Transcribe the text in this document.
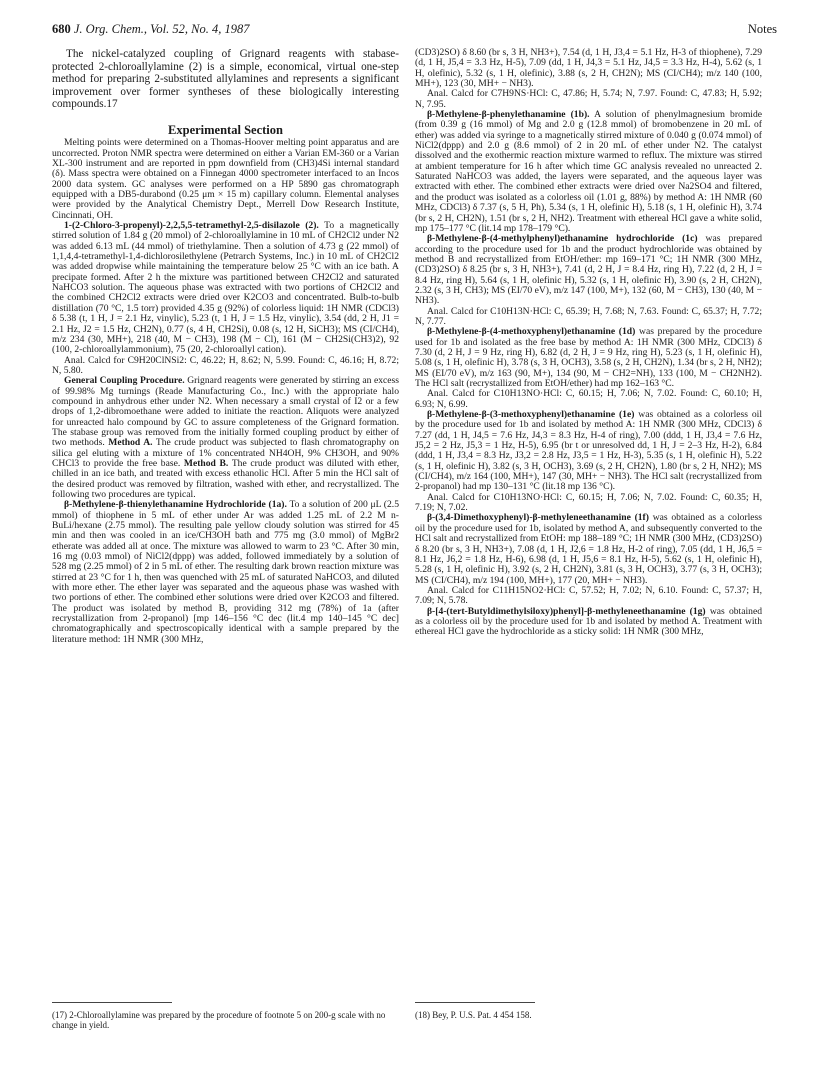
680 J. Org. Chem., Vol. 52, No. 4, 1987	Notes

The nickel-catalyzed coupling of Grignard reagents with stabase-protected 2-chloroallylamine (2) is a simple, economical, virtual one-step method for preparing 2-substituted allylamines and represents a significant improvement over former syntheses of these biologically interesting compounds.17

Experimental Section

Melting points were determined on a Thomas-Hoover melting point apparatus and are uncorrected. Proton NMR spectra were determined on either a Varian EM-360 or a Varian XL-300 instrument and are reported in ppm downfield from (CH3)4Si internal standard (δ). Mass spectra were obtained on a Finnegan 4000 spectrometer interfaced to an Incos 2000 data system. GC analyses were performed on a HP 5890 gas chromatograph equipped with a DB5-durabond (0.25 μm × 15 m) capillary column. Elemental analyses were provided by the Analytical Chemistry Dept., Merrell Dow Research Institute, Cincinnati, OH.

1-(2-Chloro-3-propenyl)-2,2,5,5-tetramethyl-2,5-disilazole (2). To a magnetically stirred solution of 1.84 g (20 mmol) of 2-chloroallylamine in 10 mL of CH2Cl2 under N2 was added 6.13 mL (44 mmol) of triethylamine. Then a solution of 4.73 g (22 mmol) of 1,1,4,4-tetramethyl-1,4-dichlorosilethylene (Petrarch Systems, Inc.) in 10 mL of CH2Cl2 was added dropwise while maintaining the temperature below 25 °C with an ice bath. A precipate formed. After 2 h the mixture was partitioned between CH2Cl2 and saturated NaHCO3 solution. The aqueous phase was extracted with two portions of CH2Cl2 and the combined CH2Cl2 extracts were dried over K2CO3 and concentrated. Bulb-to-bulb distillation (70 °C, 1.5 torr) provided 4.35 g (92%) of colorless liquid: 1H NMR (CDCl3) δ 5.38 (t, 1 H, J = 2.1 Hz, vinylic), 5.23 (t, 1 H, J = 1.5 Hz, vinylic), 3.54 (dd, 2 H, J1 = 2.1 Hz, J2 = 1.5 Hz, CH2N), 0.77 (s, 4 H, CH2Si), 0.08 (s, 12 H, SiCH3); MS (CI/CH4), m/z 234 (30, MH+), 218 (40, M − CH3), 198 (M − Cl), 161 (M − CH2Si(CH3)2), 92 (100, 2-chloroallylammonium), 75 (20, 2-chloroallyl cation).

Anal. Calcd for C9H20ClNSi2: C, 46.22; H, 8.62; N, 5.99. Found: C, 46.16; H, 8.72; N, 5.80.

General Coupling Procedure. Grignard reagents were generated by stirring an excess of 99.98% Mg turnings (Reade Manufacturing Co., Inc.) with the appropriate halo compound in anhydrous ether under N2. When necessary a small crystal of I2 or a few drops of 1,2-dibromoethane were added to initiate the reaction. Aliquots were analyzed for unreacted halo compound by GC to assure completeness of the Grignard formation. The stabase group was removed from the initially formed coupling product by either of two methods. Method A. The crude product was subjected to flash chromatography on silica gel eluting with a mixture of 1% concentrated NH4OH, 9% CH3OH, and 90% CHCl3 to provide the free base. Method B. The crude product was diluted with ether, chilled in an ice bath, and treated with excess ethanolic HCl. After 5 min the HCl salt of the desired product was removed by filtration, washed with ether, and recrystallized. The following two procedures are typical.

β-Methylene-β-thienylethanamine Hydrochloride (1a). To a solution of 200 μL (2.5 mmol) of thiophene in 5 mL of ether under Ar was added 1.25 mL of 2.2 M n-BuLi/hexane (2.75 mmol). The resulting pale yellow cloudy solution was stirred for 45 min and then was cooled in an ice/CH3OH bath and 775 mg (3.0 mmol) of MgBr2 etherate was added all at once. The mixture was allowed to warm to 23 °C. After 30 min, 16 mg (0.03 mmol) of NiCl2(dppp) was added, followed immediately by a solution of 528 mg (2.25 mmol) of 2 in 5 mL of ether. The resulting dark brown reaction mixture was stirred at 23 °C for 1 h, then was quenched with 25 mL of saturated NaHCO3, and diluted with more ether. The ether layer was separated and the aqueous phase was washed with two portions of ether. The combined ether solutions were dried over K2CO3 and filtered. The product was isolated by method B, providing 312 mg (78%) of 1a (after recrystallization from 2-propanol) [mp 146–156 °C dec (lit.4 mp 140–145 °C dec] chromatographically and spectroscopically identical with a sample prepared by the literature method: 1H NMR (300 MHz,

(CD3)2SO) δ 8.60 (br s, 3 H, NH3+), 7.54 (d, 1 H, J3,4 = 5.1 Hz, H-3 of thiophene), 7.29 (d, 1 H, J5,4 = 3.3 Hz, H-5), 7.09 (dd, 1 H, J4,3 = 5.1 Hz, J4,5 = 3.3 Hz, H-4), 5.62 (s, 1 H, olefinic), 5.32 (s, 1 H, olefinic), 3.88 (s, 2 H, CH2N); MS (CI/CH4); m/z 140 (100, MH+), 123 (30, MH+ − NH3).

Anal. Calcd for C7H9NS·HCl: C, 47.86; H, 5.74; N, 7.97. Found: C, 47.83; H, 5.92; N, 7.95.

β-Methylene-β-phenylethanamine (1b). A solution of phenylmagnesium bromide (from 0.39 g (16 mmol) of Mg and 2.0 g (12.8 mmol) of bromobenzene in 20 mL of ether) was added via syringe to a magnetically stirred mixture of 0.040 g (0.074 mmol) of NiCl2(dppp) and 2.0 g (8.6 mmol) of 2 in 20 mL of ether under N2. The catalyst dissolved and the exothermic reaction mixture warmed to reflux. The mixture was stirred at ambient temperature for 16 h after which time GC analysis revealed no unreacted 2. Saturated NaHCO3 was added, the layers were separated, and the aqueous layer was extracted with ether. The combined ether extracts were dried over Na2SO4 and filtered, and the product was isolated as a colorless oil (1.01 g, 88%) by method A: 1H NMR (60 MHz, CDCl3) δ 7.37 (s, 5 H, Ph), 5.34 (s, 1 H, olefinic H), 5.18 (s, 1 H, olefinic H), 3.74 (br s, 2 H, CH2N), 1.51 (br s, 2 H, NH2). Treatment with ethereal HCl gave a white solid, mp 175–177 °C (lit.14 mp 178–179 °C).

β-Methylene-β-(4-methylphenyl)ethanamine hydrochloride (1c) was prepared according to the procedure used for 1b and the product hydrochloride was obtained by method B and recrystallized from EtOH/ether: mp 169–171 °C; 1H NMR (300 MHz, (CD3)2SO) δ 8.25 (br s, 3 H, NH3+), 7.41 (d, 2 H, J = 8.4 Hz, ring H), 7.22 (d, 2 H, J = 8.4 Hz, ring H), 5.64 (s, 1 H, olefinic H), 5.32 (s, 1 H, olefinic H), 3.90 (s, 2 H, CH2N), 2.32 (s, 3 H, CH3); MS (EI/70 eV), m/z 147 (100, M+), 132 (60, M − CH3), 130 (40, M − NH3).

Anal. Calcd for C10H13N·HCl: C, 65.39; H, 7.68; N, 7.63. Found: C, 65.37; H, 7.72; N, 7.77.

β-Methylene-β-(4-methoxyphenyl)ethanamine (1d) was prepared by the procedure used for 1b and isolated as the free base by method A: 1H NMR (300 MHz, CDCl3) δ 7.30 (d, 2 H, J = 9 Hz, ring H), 6.82 (d, 2 H, J = 9 Hz, ring H), 5.23 (s, 1 H, olefinic H), 5.08 (s, 1 H, olefinic H), 3.78 (s, 3 H, OCH3), 3.58 (s, 2 H, CH2N), 1.34 (br s, 2 H, NH2); MS (EI/70 eV), m/z 163 (90, M+), 134 (90, M − CH2=NH), 133 (100, M − CH2NH2). The HCl salt (recrystallized from EtOH/ether) had mp 162–163 °C.

Anal. Calcd for C10H13NO·HCl: C, 60.15; H, 7.06; N, 7.02. Found: C, 60.10; H, 6.93; N, 6.99.

β-Methylene-β-(3-methoxyphenyl)ethanamine (1e) was obtained as a colorless oil by the procedure used for 1b and isolated by method A: 1H NMR (300 MHz, CDCl3) δ 7.27 (dd, 1 H, J4,5 = 7.6 Hz, J4,3 = 8.3 Hz, H-4 of ring), 7.00 (ddd, 1 H, J3,4 = 7.6 Hz, J5,2 = 2 Hz, J5,3 = 1 Hz, H-5), 6.95 (br t or unresolved dd, 1 H, J = 2–3 Hz, H-2), 6.84 (ddd, 1 H, J3,4 = 8.3 Hz, J3,2 = 2.8 Hz, J3,5 = 1 Hz, H-3), 5.35 (s, 1 H, olefinic H), 5.22 (s, 1 H, olefinic H), 3.82 (s, 3 H, OCH3), 3.69 (s, 2 H, CH2N), 1.80 (br s, 2 H, NH2); MS (CI/CH4), m/z 164 (100, MH+), 147 (30, MH+ − NH3). The HCl salt (recrystallized from 2-propanol) had mp 130–131 °C (lit.18 mp 136 °C).

Anal. Calcd for C10H13NO·HCl: C, 60.15; H, 7.06; N, 7.02. Found: C, 60.35; H, 7.19; N, 7.02.

β-(3,4-Dimethoxyphenyl)-β-methyleneethanamine (1f) was obtained as a colorless oil by the procedure used for 1b, isolated by method A, and subsequently converted to the HCl salt and recrystallized from EtOH: mp 188–189 °C; 1H NMR (300 MHz, (CD3)2SO) δ 8.20 (br s, 3 H, NH3+), 7.08 (d, 1 H, J2,6 = 1.8 Hz, H-2 of ring), 7.05 (dd, 1 H, J6,5 = 8.1 Hz, J6,2 = 1.8 Hz, H-6), 6.98 (d, 1 H, J5,6 = 8.1 Hz, H-5), 5.62 (s, 1 H, olefinic H), 5.28 (s, 1 H, olefinic H), 3.92 (s, 2 H, CH2N), 3.81 (s, 3 H, OCH3), 3.77 (s, 3 H, OCH3); MS (CI/CH4), m/z 194 (100, MH+), 177 (20, MH+ − NH3).

Anal. Calcd for C11H15NO2·HCl: C, 57.52; H, 7.02; N, 6.10. Found: C, 57.37; H, 7.09; N, 5.78.

β-[4-(tert-Butyldimethylsiloxy)phenyl]-β-methyleneethanamine (1g) was obtained as a colorless oil by the procedure used for 1b and isolated by method A. Treatment with ethereal HCl gave the hydrochloride as a sticky solid: 1H NMR (300 MHz,

(17) 2-Chloroallylamine was prepared by the procedure of footnote 5 on 200-g scale with no change in yield.
(18) Bey, P. U.S. Pat. 4 454 158.
